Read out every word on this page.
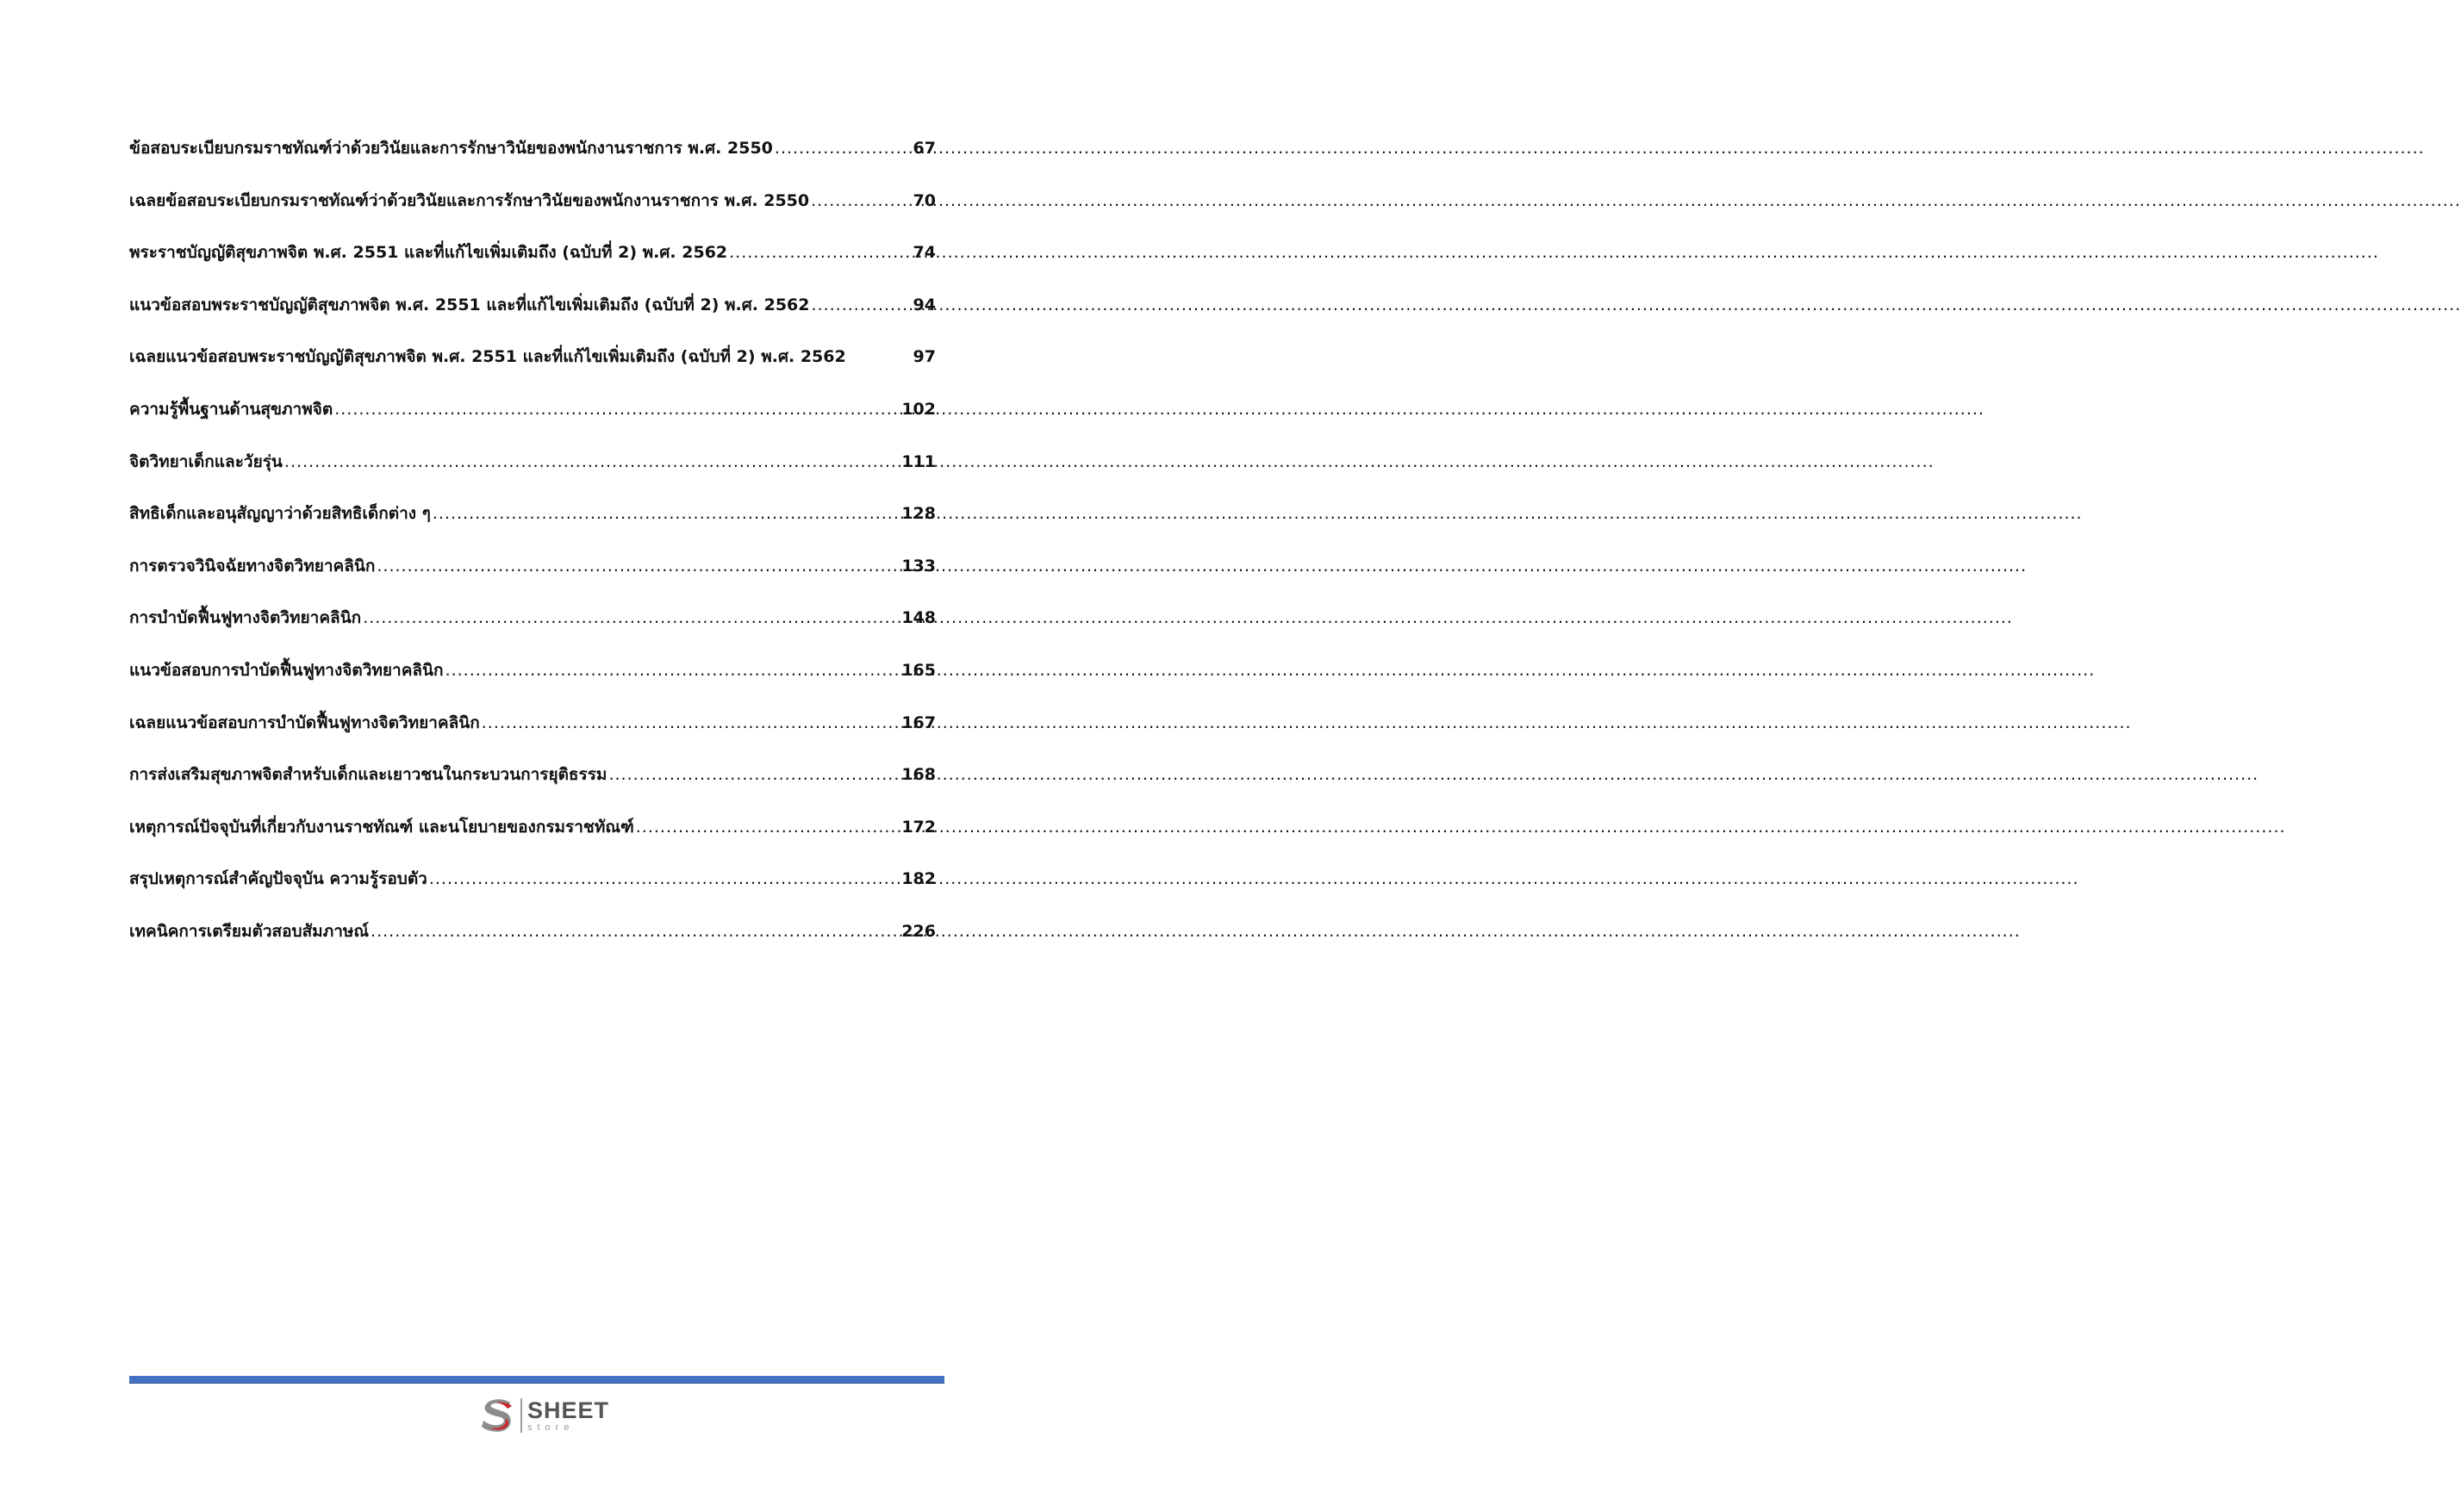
ข้อสอบระเบียบกรมราชทัณฑ์ว่าด้วยวินัยและการรักษาวินัยของพนักงานราชการ พ.ศ. 2550 .....	67
เฉลยข้อสอบระเบียบกรมราชทัณฑ์ว่าด้วยวินัยและการรักษาวินัยของพนักงานราชการ พ.ศ. 2550 .....	70
พระราชบัญญัติสุขภาพจิต พ.ศ. 2551 และที่แก้ไขเพิ่มเติมถึง (ฉบับที่ 2) พ.ศ. 2562 .....	74
แนวข้อสอบพระราชบัญญัติสุขภาพจิต พ.ศ. 2551 และที่แก้ไขเพิ่มเติมถึง (ฉบับที่ 2) พ.ศ. 2562 .....	94
เฉลยแนวข้อสอบพระราชบัญญัติสุขภาพจิต พ.ศ. 2551 และที่แก้ไขเพิ่มเติมถึง (ฉบับที่ 2) พ.ศ. 2562	97
ความรู้พื้นฐานด้านสุขภาพจิต .....	102
จิตวิทยาเด็กและวัยรุ่น .....	111
สิทธิเด็กและอนุสัญญาว่าด้วยสิทธิเด็กต่าง ๆ .....	128
การตรวจวินิจฉัยทางจิตวิทยาคลินิก .....	133
การบำบัดฟื้นฟูทางจิตวิทยาคลินิก .....	148
แนวข้อสอบการบำบัดฟื้นฟูทางจิตวิทยาคลินิก .....	165
เฉลยแนวข้อสอบการบำบัดฟื้นฟูทางจิตวิทยาคลินิก .....	167
การส่งเสริมสุขภาพจิตสำหรับเด็กและเยาวชนในกระบวนการยุติธรรม .....	168
เหตุการณ์ปัจจุบันที่เกี่ยวกับงานราชทัณฑ์ และนโยบายของกรมราชทัณฑ์ .....	172
สรุปเหตุการณ์สำคัญปัจจุบัน ความรู้รอบตัว .....	182
เทคนิคการเตรียมตัวสอบสัมภาษณ์ .....	226
SHEET
store
